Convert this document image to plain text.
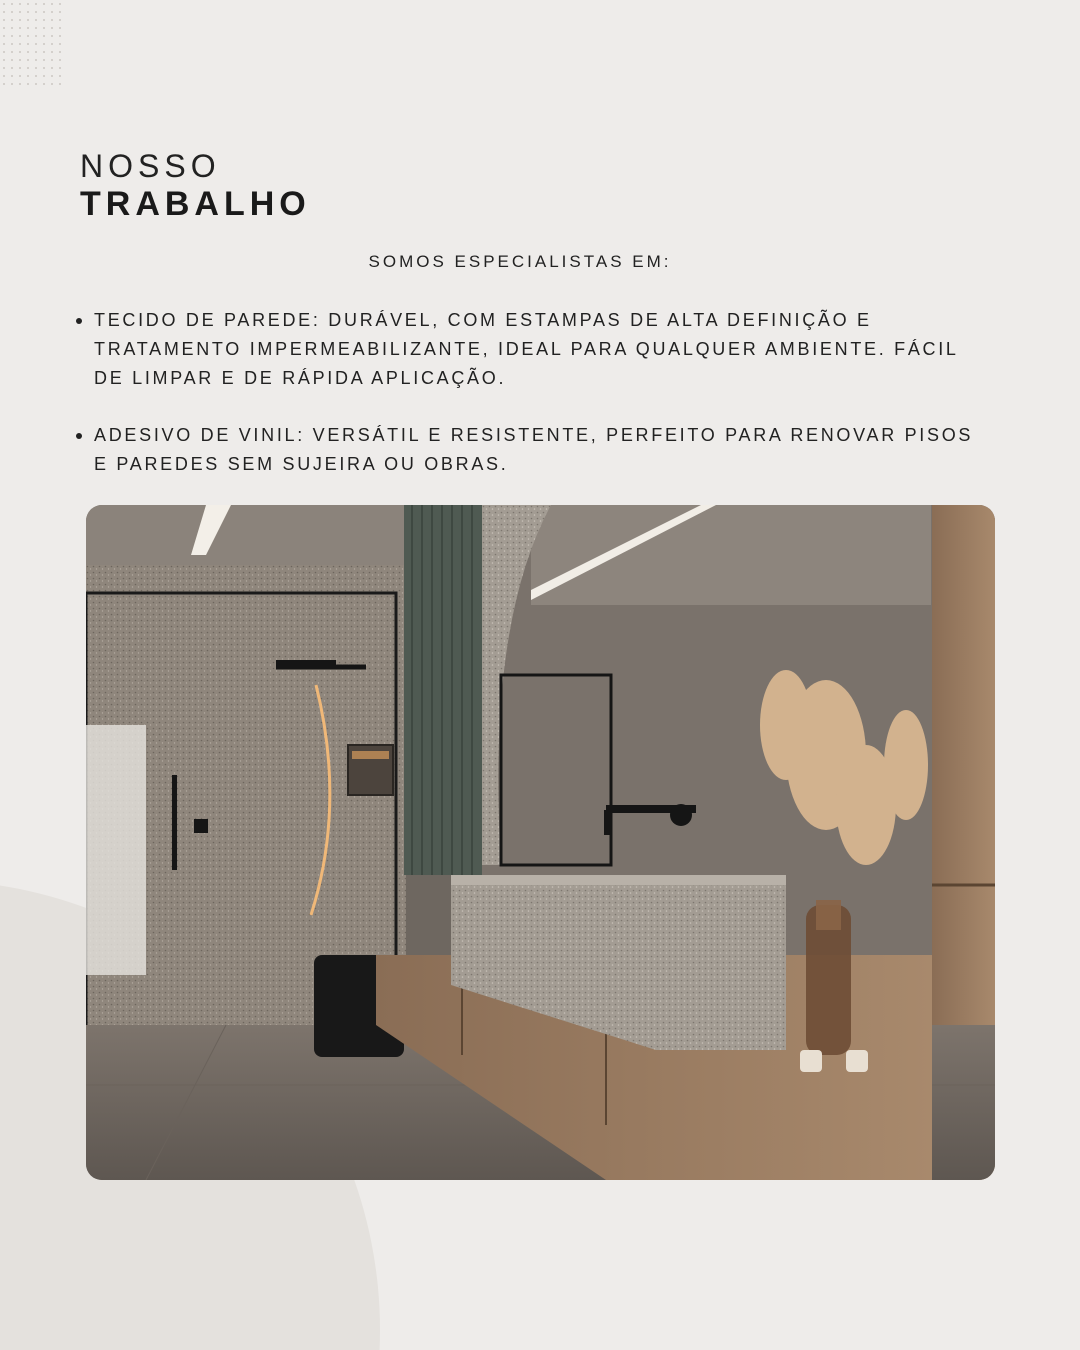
NOSSO
TRABALHO

SOMOS ESPECIALISTAS EM:

TECIDO DE PAREDE: DURÁVEL, COM ESTAMPAS DE ALTA DEFINIÇÃO E TRATAMENTO IMPERMEABILIZANTE, IDEAL PARA QUALQUER AMBIENTE. FÁCIL DE LIMPAR E DE RÁPIDA APLICAÇÃO.
ADESIVO DE VINIL: VERSÁTIL E RESISTENTE, PERFEITO PARA RENOVAR PISOS E PAREDES SEM SUJEIRA OU OBRAS.
